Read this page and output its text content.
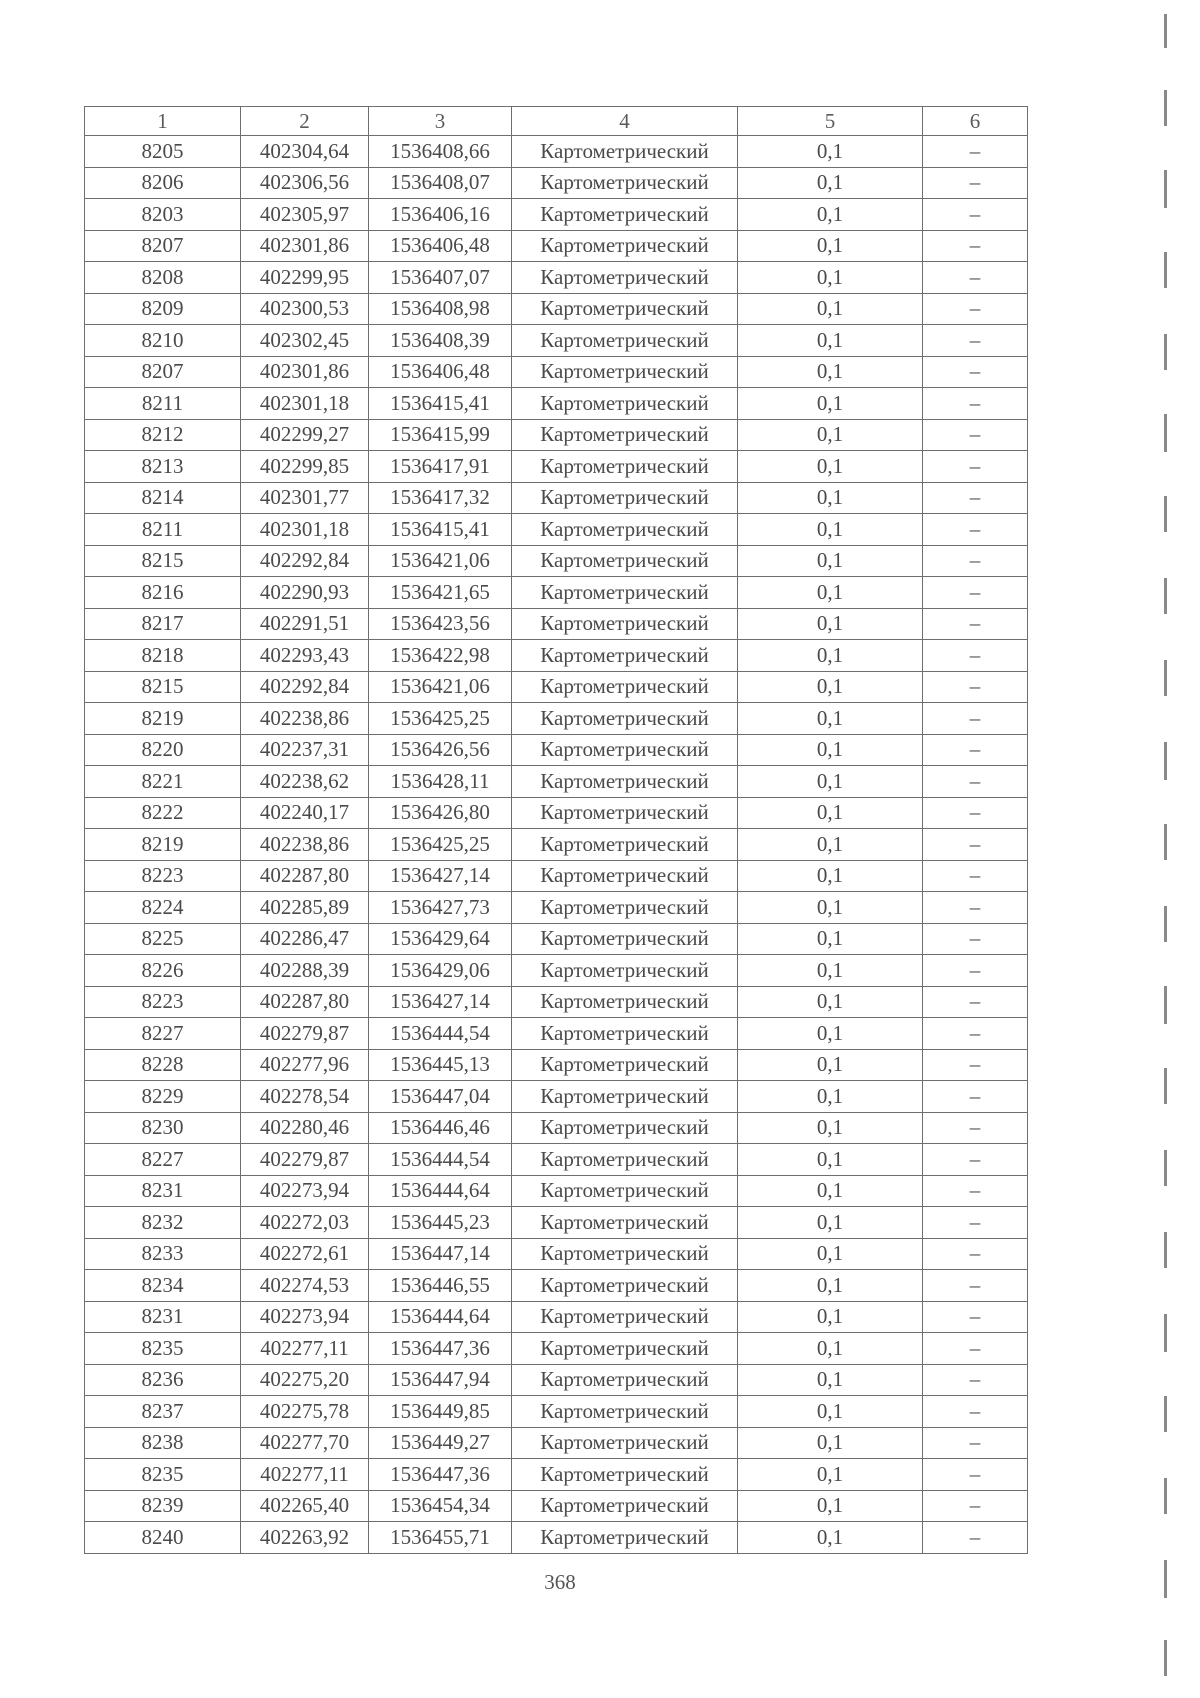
1	2	3	4	5	6
8205	402304,64	1536408,66	Картометрический	0,1	–
8206	402306,56	1536408,07	Картометрический	0,1	–
8203	402305,97	1536406,16	Картометрический	0,1	–
8207	402301,86	1536406,48	Картометрический	0,1	–
8208	402299,95	1536407,07	Картометрический	0,1	–
8209	402300,53	1536408,98	Картометрический	0,1	–
8210	402302,45	1536408,39	Картометрический	0,1	–
8207	402301,86	1536406,48	Картометрический	0,1	–
8211	402301,18	1536415,41	Картометрический	0,1	–
8212	402299,27	1536415,99	Картометрический	0,1	–
8213	402299,85	1536417,91	Картометрический	0,1	–
8214	402301,77	1536417,32	Картометрический	0,1	–
8211	402301,18	1536415,41	Картометрический	0,1	–
8215	402292,84	1536421,06	Картометрический	0,1	–
8216	402290,93	1536421,65	Картометрический	0,1	–
8217	402291,51	1536423,56	Картометрический	0,1	–
8218	402293,43	1536422,98	Картометрический	0,1	–
8215	402292,84	1536421,06	Картометрический	0,1	–
8219	402238,86	1536425,25	Картометрический	0,1	–
8220	402237,31	1536426,56	Картометрический	0,1	–
8221	402238,62	1536428,11	Картометрический	0,1	–
8222	402240,17	1536426,80	Картометрический	0,1	–
8219	402238,86	1536425,25	Картометрический	0,1	–
8223	402287,80	1536427,14	Картометрический	0,1	–
8224	402285,89	1536427,73	Картометрический	0,1	–
8225	402286,47	1536429,64	Картометрический	0,1	–
8226	402288,39	1536429,06	Картометрический	0,1	–
8223	402287,80	1536427,14	Картометрический	0,1	–
8227	402279,87	1536444,54	Картометрический	0,1	–
8228	402277,96	1536445,13	Картометрический	0,1	–
8229	402278,54	1536447,04	Картометрический	0,1	–
8230	402280,46	1536446,46	Картометрический	0,1	–
8227	402279,87	1536444,54	Картометрический	0,1	–
8231	402273,94	1536444,64	Картометрический	0,1	–
8232	402272,03	1536445,23	Картометрический	0,1	–
8233	402272,61	1536447,14	Картометрический	0,1	–
8234	402274,53	1536446,55	Картометрический	0,1	–
8231	402273,94	1536444,64	Картометрический	0,1	–
8235	402277,11	1536447,36	Картометрический	0,1	–
8236	402275,20	1536447,94	Картометрический	0,1	–
8237	402275,78	1536449,85	Картометрический	0,1	–
8238	402277,70	1536449,27	Картометрический	0,1	–
8235	402277,11	1536447,36	Картометрический	0,1	–
8239	402265,40	1536454,34	Картометрический	0,1	–
8240	402263,92	1536455,71	Картометрический	0,1	–
368
